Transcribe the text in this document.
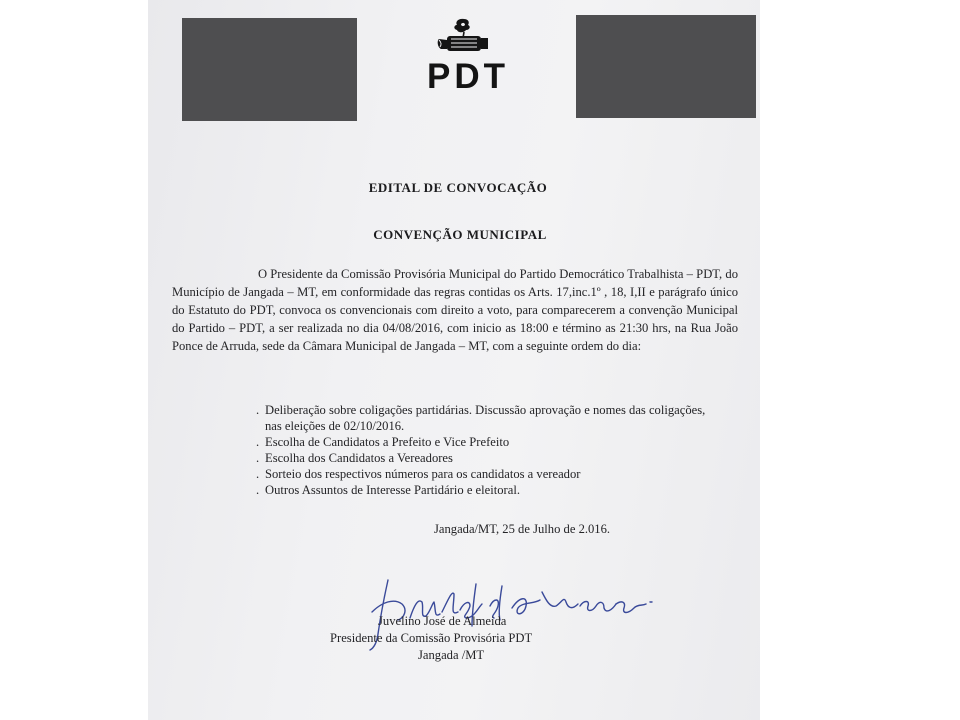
PDT
EDITAL DE CONVOCAÇÃO
CONVENÇÃO MUNICIPAL
O Presidente da Comissão Provisória Municipal do Partido Democrático Trabalhista – PDT, do Município de Jangada – MT, em conformidade das regras contidas os Arts. 17,inc.1º , 18, I,II e parágrafo único do Estatuto do PDT, convoca os convencionais com direito a voto, para comparecerem a convenção Municipal do Partido – PDT, a ser realizada no dia 04/08/2016, com inicio as 18:00 e término as 21:30 hrs, na Rua João Ponce de Arruda, sede da Câmara Municipal de Jangada – MT, com a seguinte ordem do dia:
. Deliberação sobre coligações partidárias. Discussão aprovação e nomes das coligações, nas eleições de 02/10/2016.
. Escolha de Candidatos a Prefeito e Vice Prefeito
. Escolha dos Candidatos a Vereadores
. Sorteio dos respectivos números para os candidatos a vereador
. Outros Assuntos de Interesse Partidário e eleitoral.
Jangada/MT, 25 de Julho de 2.016.
Juvelino José de Almeida
Presidente da Comissão Provisória PDT
Jangada /MT
